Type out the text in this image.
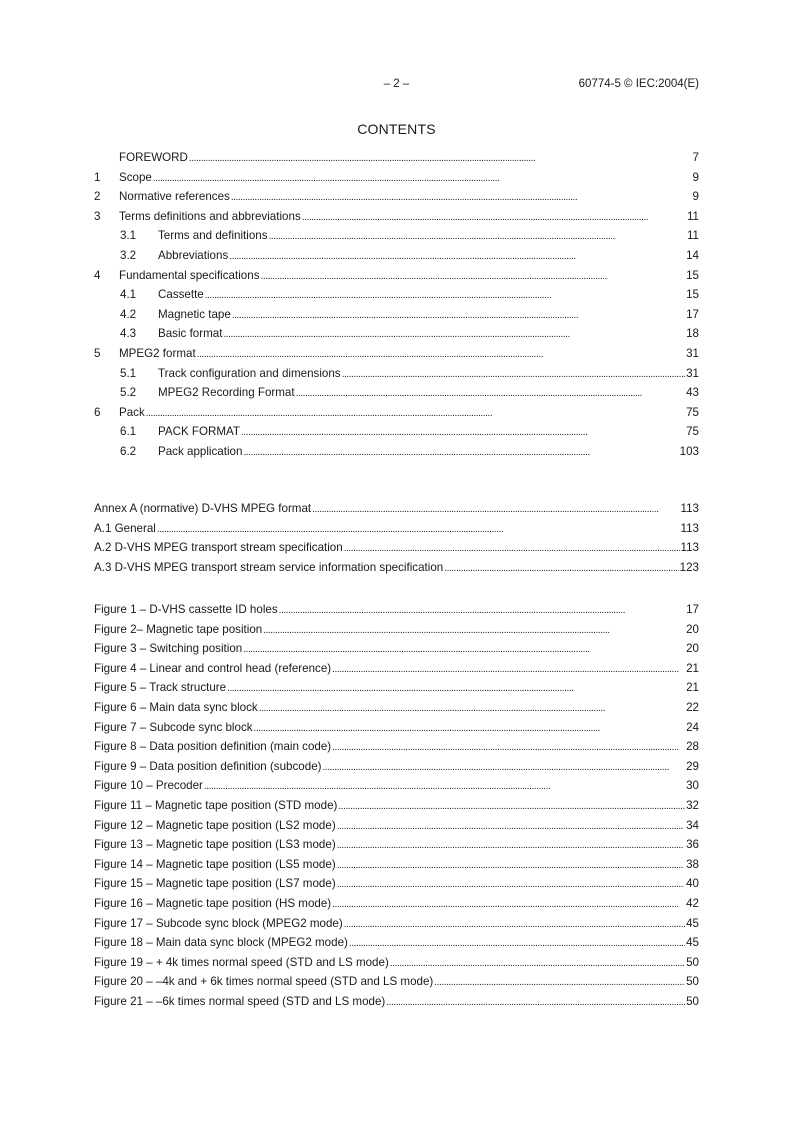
– 2 –	60774-5 © IEC:2004(E)
CONTENTS
FOREWORD . . .	7
1	Scope . . .	9
2	Normative references . . .	9
3	Terms definitions and abbreviations . . .	11
3.1	Terms and definitions . . .	11
3.2	Abbreviations . . .	14
4	Fundamental specifications . . .	15
4.1	Cassette . . .	15
4.2	Magnetic tape . . .	17
4.3	Basic format . . .	18
5	MPEG2 format . . .	31
5.1	Track configuration and dimensions . . .	31
5.2	MPEG2 Recording Format . . .	43
6	Pack . . .	75
6.1	PACK FORMAT . . .	75
6.2	Pack application . . .	103
Annex A (normative) D-VHS MPEG format . . .	113
A.1 General . . .	113
A.2 D-VHS MPEG transport stream specification . . .	113
A.3 D-VHS MPEG transport stream service information specification . . .	123
Figure 1 – D-VHS cassette ID holes . . .	17
Figure 2– Magnetic tape position . . .	20
Figure 3 – Switching position . . .	20
Figure 4 – Linear and control head (reference) . . .	21
Figure 5 – Track structure . . .	21
Figure 6 – Main data sync block . . .	22
Figure 7 – Subcode sync block . . .	24
Figure 8 – Data position definition (main code) . . .	28
Figure 9 – Data position definition (subcode) . . .	29
Figure 10 – Precoder . . .	30
Figure 11 – Magnetic tape position (STD mode) . . .	32
Figure 12 – Magnetic tape position (LS2 mode) . . .	34
Figure 13 – Magnetic tape position (LS3 mode) . . .	36
Figure 14 – Magnetic tape position (LS5 mode) . . .	38
Figure 15 – Magnetic tape position (LS7 mode) . . .	40
Figure 16 – Magnetic tape position (HS mode) . . .	42
Figure 17 – Subcode sync block (MPEG2 mode) . . .	45
Figure 18 – Main data sync block (MPEG2 mode) . . .	45
Figure 19 – + 4k times normal speed (STD and LS mode) . . .	50
Figure 20 – –4k and + 6k times normal speed (STD and LS mode) . . .	50
Figure 21 – –6k times normal speed (STD and LS mode) . . .	50
